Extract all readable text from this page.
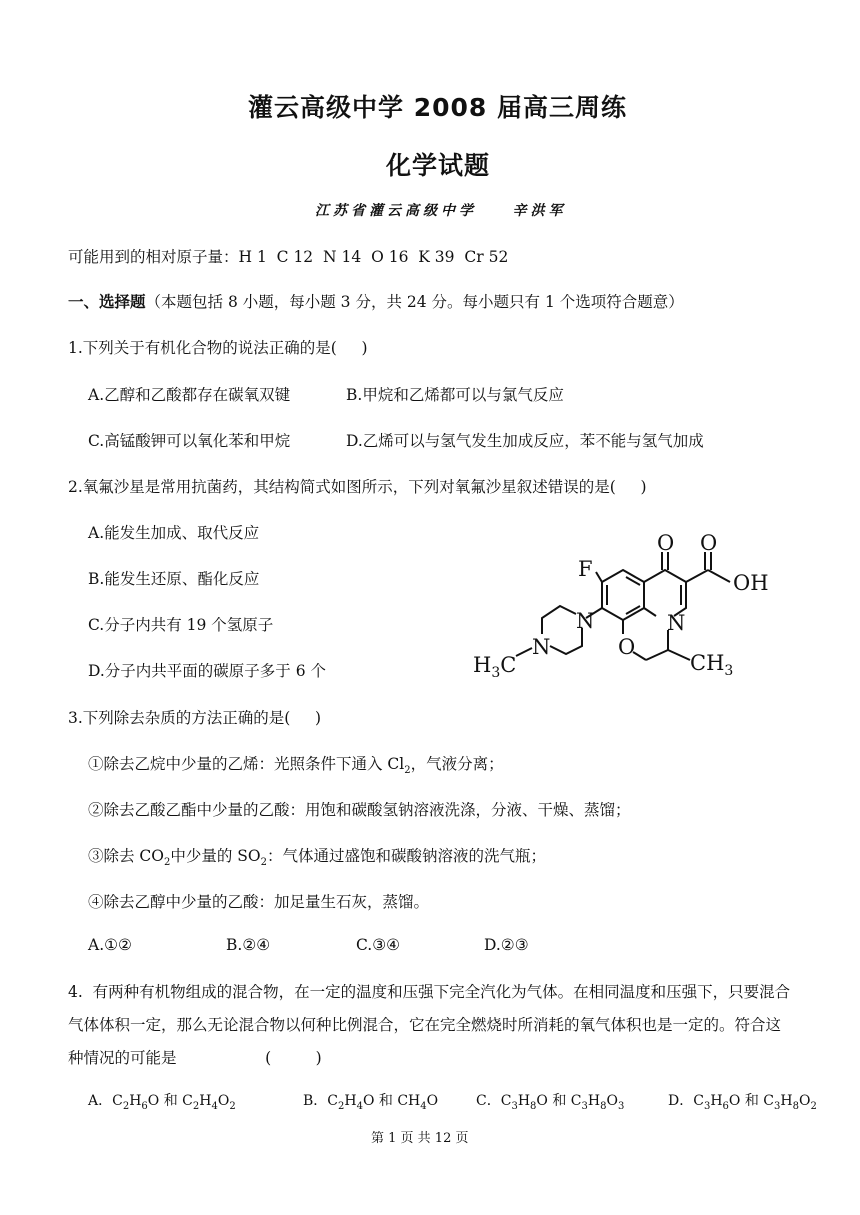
灌云高级中学 2008 届高三周练
化学试题
江苏省灌云高级中学    辛洪军
可能用到的相对原子量：H 1  C 12  N 14  O 16  K 39  Cr 52
一、选择题（本题包括 8 小题，每小题 3 分，共 24 分。每小题只有 1 个选项符合题意）
1.下列关于有机化合物的说法正确的是(     )
A.乙醇和乙酸都存在碳氧双键	B.甲烷和乙烯都可以与氯气反应
C.高锰酸钾可以氧化苯和甲烷	D.乙烯可以与氢气发生加成反应，苯不能与氢气加成
2.氧氟沙星是常用抗菌药，其结构简式如图所示，下列对氧氟沙星叙述错误的是(     )
A.能发生加成、取代反应
B.能发生还原、酯化反应
C.分子内共有 19 个氢原子
D.分子内共平面的碳原子多于 6 个
F
O O
OH
N
N
N	O
$H_3C$	$CH_3$
3.下列除去杂质的方法正确的是(     )
①除去乙烷中少量的乙烯：光照条件下通入 $Cl_2$，气液分离；
②除去乙酸乙酯中少量的乙酸：用饱和碳酸氢钠溶液洗涤，分液、干燥、蒸馏；
③除去 $CO_2$中少量的 $SO_2$：气体通过盛饱和碳酸钠溶液的洗气瓶；
④除去乙醇中少量的乙酸：加足量生石灰，蒸馏。
A.①②	B.②④	C.③④	D.②③
4.  有两种有机物组成的混合物，在一定的温度和压强下完全汽化为气体。在相同温度和压强下，只要混合气体体积一定，那么无论混合物以何种比例混合，它在完全燃烧时所消耗的氧气体积也是一定的。符合这种情况的可能是                  (         )
A．$C_2H_6O$ 和 $C_2H_4O_2$	B．$C_2H_4O$ 和 $CH_4O$	C．$C_3H_8O$ 和 $C_3H_8O_3$	D．$C_3H_6O$ 和 $C_3H_8O_2$
第 1 页 共 12 页
